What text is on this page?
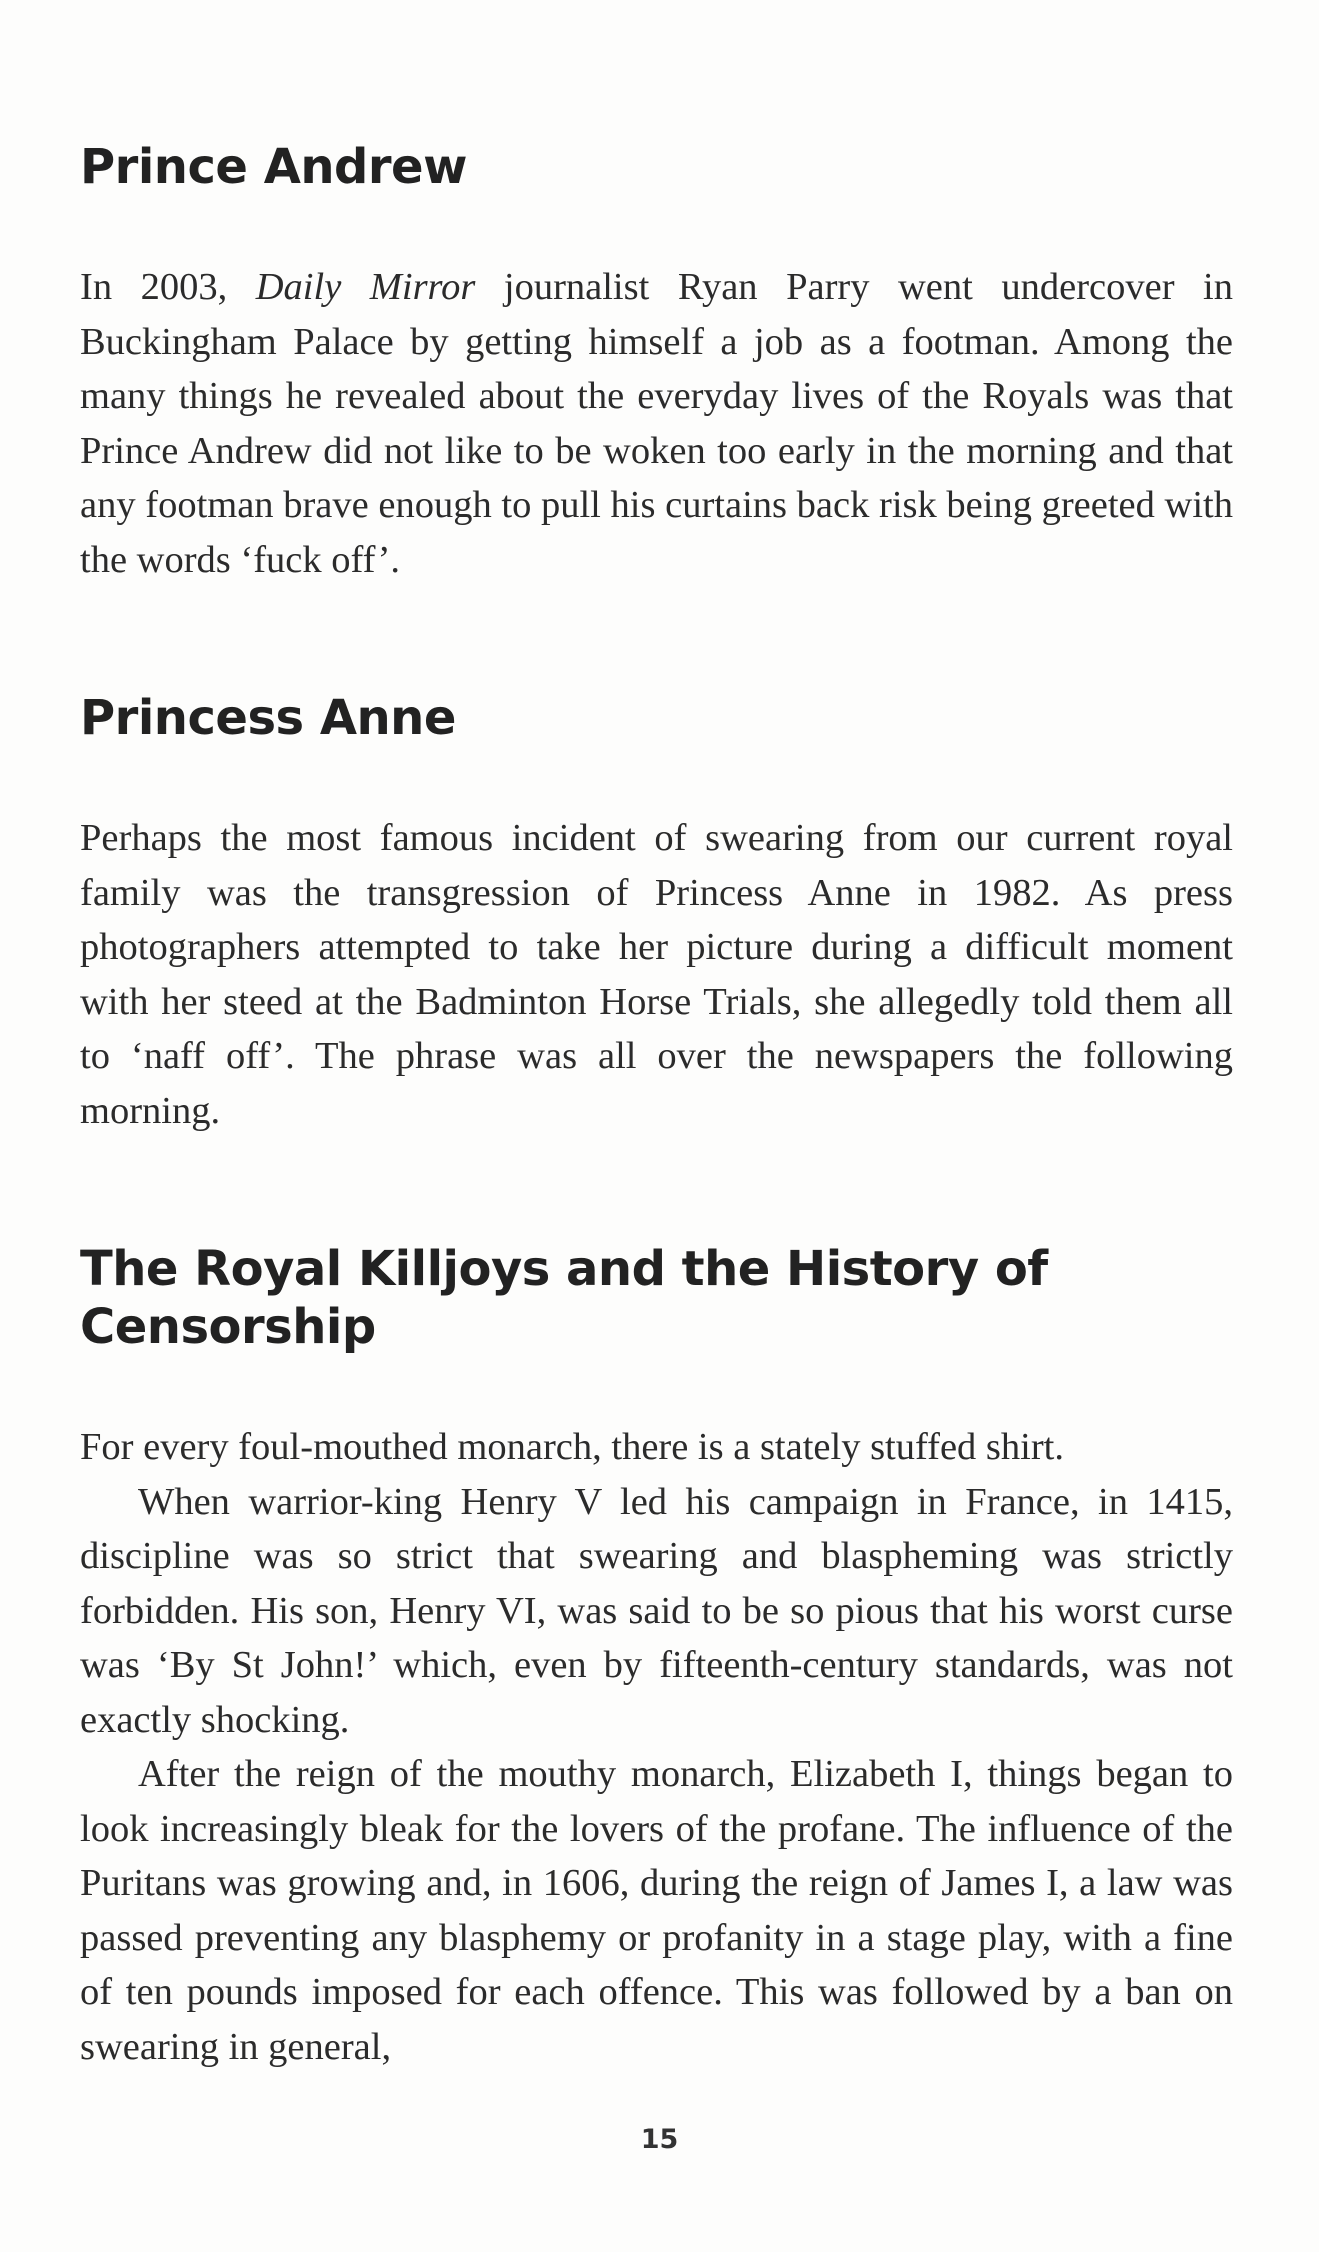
Prince Andrew

In 2003, Daily Mirror journalist Ryan Parry went undercover in Buckingham Palace by getting himself a job as a footman. Among the many things he revealed about the everyday lives of the Royals was that Prince Andrew did not like to be woken too early in the morning and that any footman brave enough to pull his curtains back risk being greeted with the words ‘fuck off’.

Princess Anne

Perhaps the most famous incident of swearing from our current royal family was the transgression of Princess Anne in 1982. As press photographers attempted to take her picture during a difficult moment with her steed at the Badminton Horse Trials, she allegedly told them all to ‘naff off’. The phrase was all over the newspapers the following morning.

The Royal Killjoys and the History of Censorship

For every foul-mouthed monarch, there is a stately stuffed shirt.

When warrior-king Henry V led his campaign in France, in 1415, discipline was so strict that swearing and blaspheming was strictly forbidden. His son, Henry VI, was said to be so pious that his worst curse was ‘By St John!’ which, even by fifteenth-century standards, was not exactly shocking.

After the reign of the mouthy monarch, Elizabeth I, things began to look increasingly bleak for the lovers of the profane. The influence of the Puritans was growing and, in 1606, during the reign of James I, a law was passed preventing any blasphemy or profanity in a stage play, with a fine of ten pounds imposed for each offence. This was followed by a ban on swearing in general,

15
